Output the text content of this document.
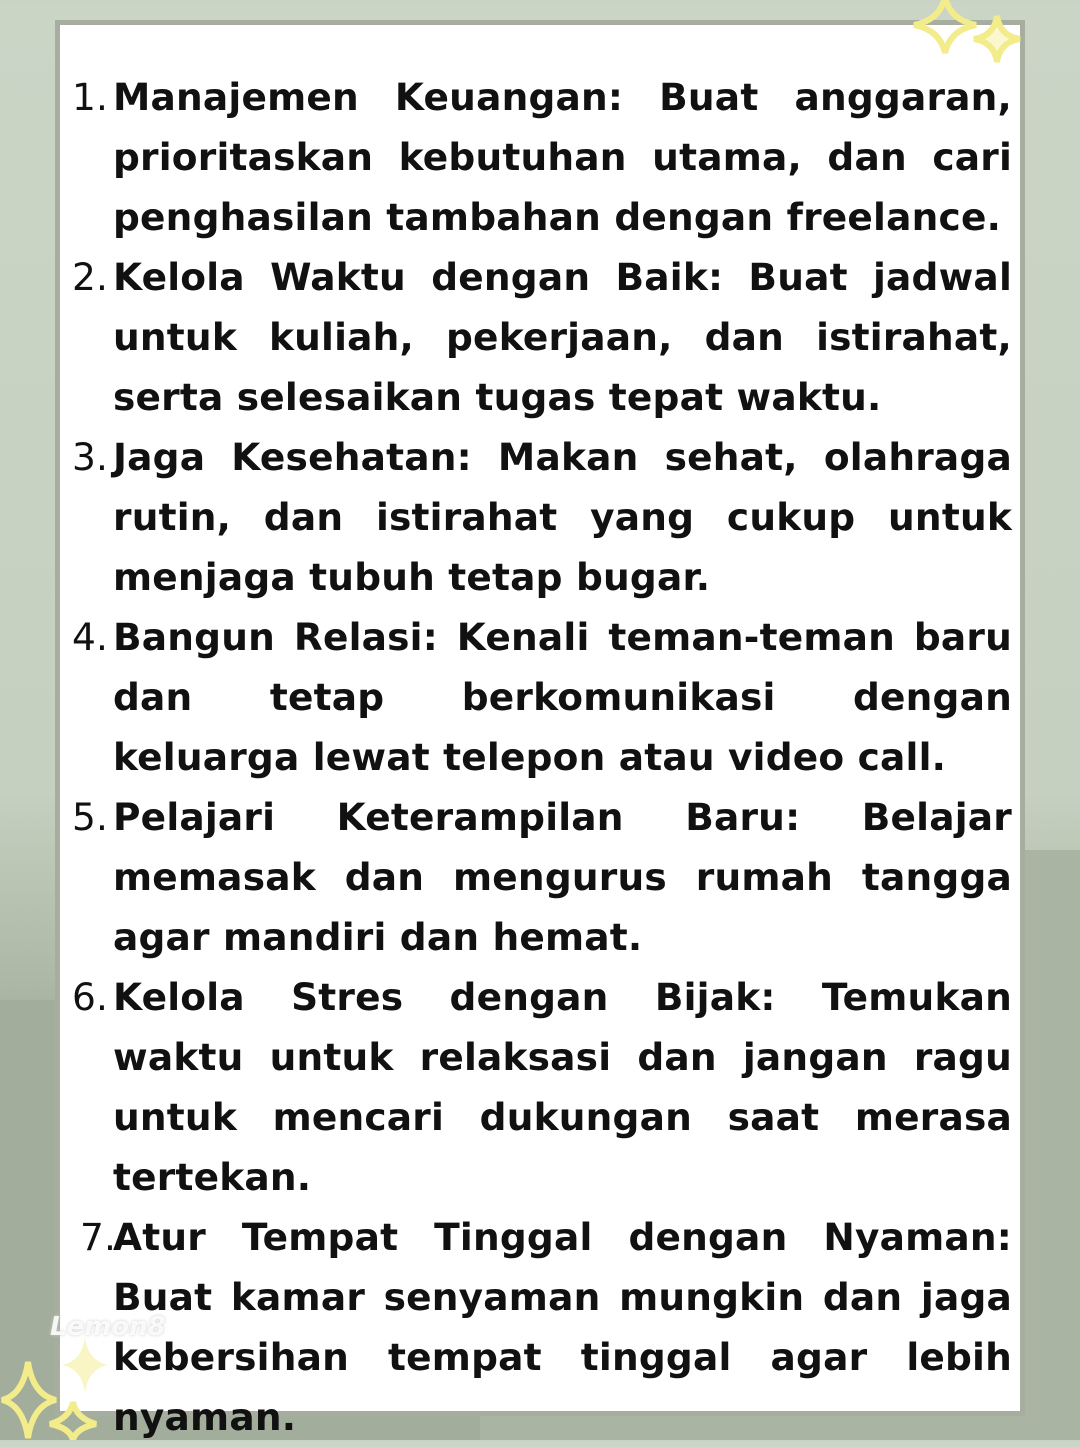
1. Manajemen Keuangan: Buat anggaran, prioritaskan kebutuhan utama, dan cari penghasilan tambahan dengan freelance.
2. Kelola Waktu dengan Baik: Buat jadwal untuk kuliah, pekerjaan, dan istirahat, serta selesaikan tugas tepat waktu.
3. Jaga Kesehatan: Makan sehat, olahraga rutin, dan istirahat yang cukup untuk menjaga tubuh tetap bugar.
4. Bangun Relasi: Kenali teman-teman baru dan tetap berkomunikasi dengan keluarga lewat telepon atau video call.
5. Pelajari Keterampilan Baru: Belajar memasak dan mengurus rumah tangga agar mandiri dan hemat.
6. Kelola Stres dengan Bijak: Temukan waktu untuk relaksasi dan jangan ragu untuk mencari dukungan saat merasa tertekan.
7.
Atur Tempat Tinggal dengan Nyaman: Buat kamar senyaman mungkin dan jaga kebersihan tempat tinggal agar lebih nyaman.
Lemon8
